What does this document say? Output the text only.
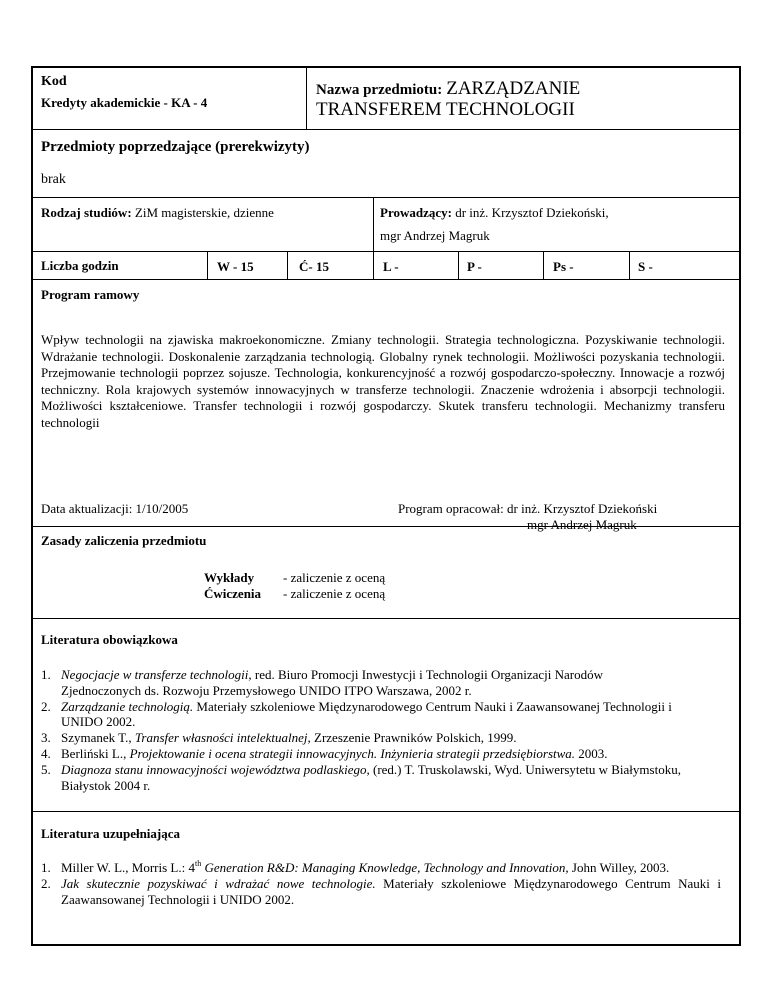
Kod
Kredyty akademickie - KA - 4
Nazwa przedmiotu: ZARZĄDZANIE
TRANSFEREM TECHNOLOGII
Przedmioty poprzedzające (prerekwizyty)
brak
Rodzaj studiów: ZiM magisterskie, dzienne	Prowadzący: dr inż. Krzysztof Dziekoński,
mgr Andrzej Magruk
Liczba godzin	W - 15	Ć- 15	L -	P -	Ps -	S -
Program ramowy
Wpływ technologii na zjawiska makroekonomiczne. Zmiany technologii. Strategia technologiczna. Pozyskiwanie technologii. Wdrażanie technologii. Doskonalenie zarządzania technologią. Globalny rynek technologii. Możliwości pozyskania technologii. Przejmowanie technologii poprzez sojusze. Technologia, konkurencyjność a rozwój gospodarczo-społeczny. Innowacje a rozwój techniczny. Rola krajowych systemów innowacyjnych w transferze technologii. Znaczenie wdrożenia i absorpcji technologii. Możliwości kształceniowe. Transfer technologii i rozwój gospodarczy. Skutek transferu technologii. Mechanizmy transferu technologii
Data aktualizacji: 1/10/2005	Program opracował: dr inż. Krzysztof Dziekoński
mgr Andrzej Magruk
Zasady zaliczenia przedmiotu
Wykłady - zaliczenie z oceną
Ćwiczenia - zaliczenie z oceną
Literatura obowiązkowa
1. Negocjacje w transferze technologii, red. Biuro Promocji Inwestycji i Technologii Organizacji Narodów Zjednoczonych ds. Rozwoju Przemysłowego UNIDO ITPO Warszawa, 2002 r.
2. Zarządzanie technologią. Materiały szkoleniowe Międzynarodowego Centrum Nauki i Zaawansowanej Technologii i UNIDO 2002.
3. Szymanek T., Transfer własności intelektualnej, Zrzeszenie Prawników Polskich, 1999.
4. Berliński L., Projektowanie i ocena strategii innowacyjnych. Inżynieria strategii przedsiębiorstwa. 2003.
5. Diagnoza stanu innowacyjności województwa podlaskiego, (red.) T. Truskolawski, Wyd. Uniwersytetu w Białymstoku, Białystok 2004 r.
Literatura uzupełniająca
1. Miller W. L., Morris L.: 4th Generation R&D: Managing Knowledge, Technology and Innovation, John Willey, 2003.
2. Jak skutecznie pozyskiwać i wdrażać nowe technologie. Materiały szkoleniowe Międzynarodowego Centrum Nauki i Zaawansowanej Technologii i UNIDO 2002.
